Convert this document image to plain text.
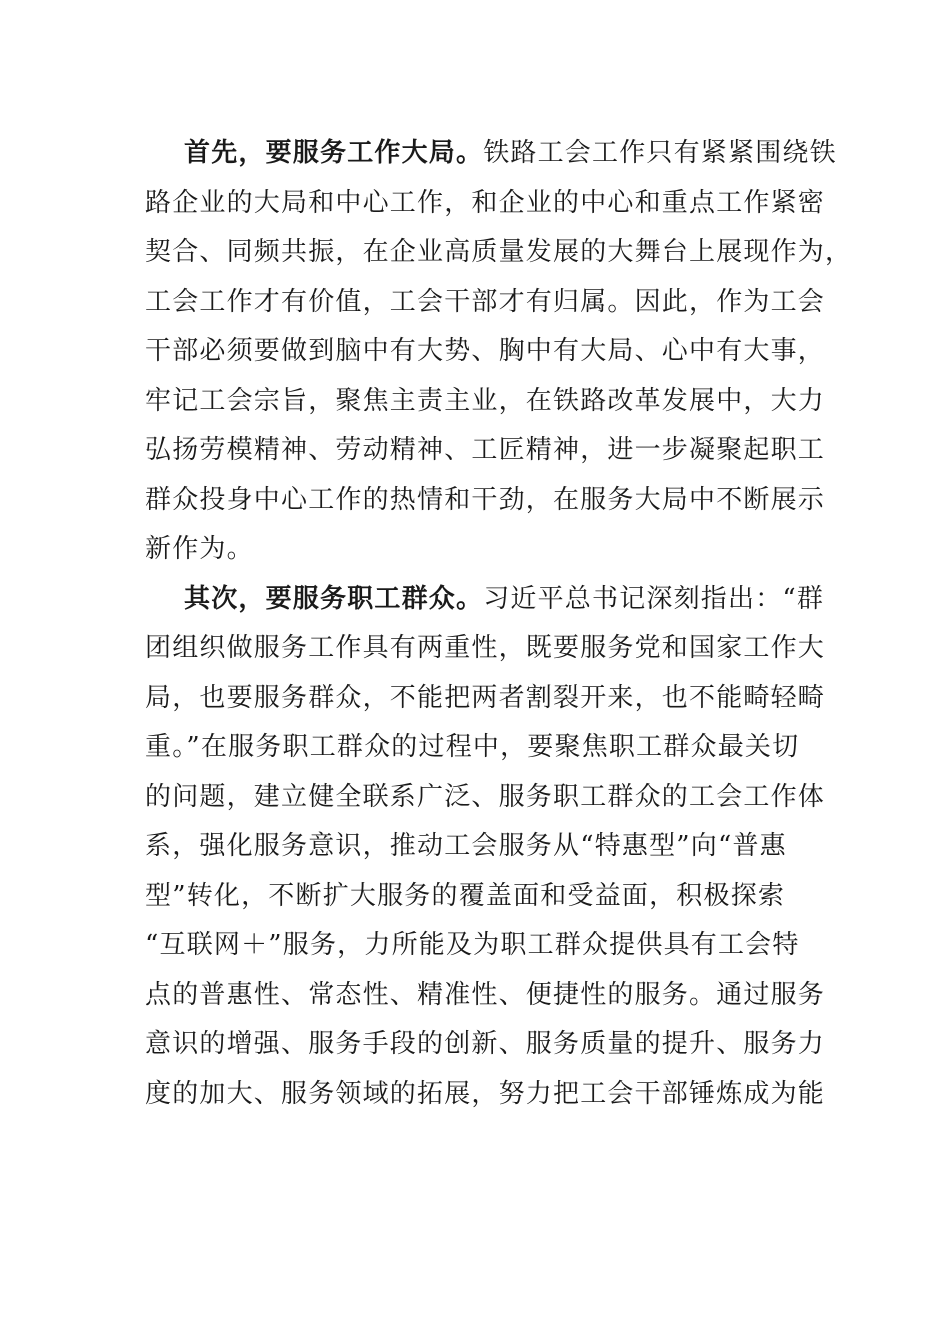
首先，要服务工作大局。铁路工会工作只有紧紧围绕铁
路企业的大局和中心工作，和企业的中心和重点工作紧密
契合、同频共振，在企业高质量发展的大舞台上展现作为，
工会工作才有价值，工会干部才有归属。因此，作为工会
干部必须要做到脑中有大势、胸中有大局、心中有大事，
牢记工会宗旨，聚焦主责主业，在铁路改革发展中，大力
弘扬劳模精神、劳动精神、工匠精神，进一步凝聚起职工
群众投身中心工作的热情和干劲，在服务大局中不断展示
新作为。
其次，要服务职工群众。习近平总书记深刻指出：“群
团组织做服务工作具有两重性，既要服务党和国家工作大
局，也要服务群众，不能把两者割裂开来，也不能畸轻畸
重。”在服务职工群众的过程中，要聚焦职工群众最关切
的问题，建立健全联系广泛、服务职工群众的工会工作体
系，强化服务意识，推动工会服务从“特惠型”向“普惠
型”转化，不断扩大服务的覆盖面和受益面，积极探索
“互联网＋”服务，力所能及为职工群众提供具有工会特
点的普惠性、常态性、精准性、便捷性的服务。通过服务
意识的增强、服务手段的创新、服务质量的提升、服务力
度的加大、服务领域的拓展，努力把工会干部锤炼成为能
